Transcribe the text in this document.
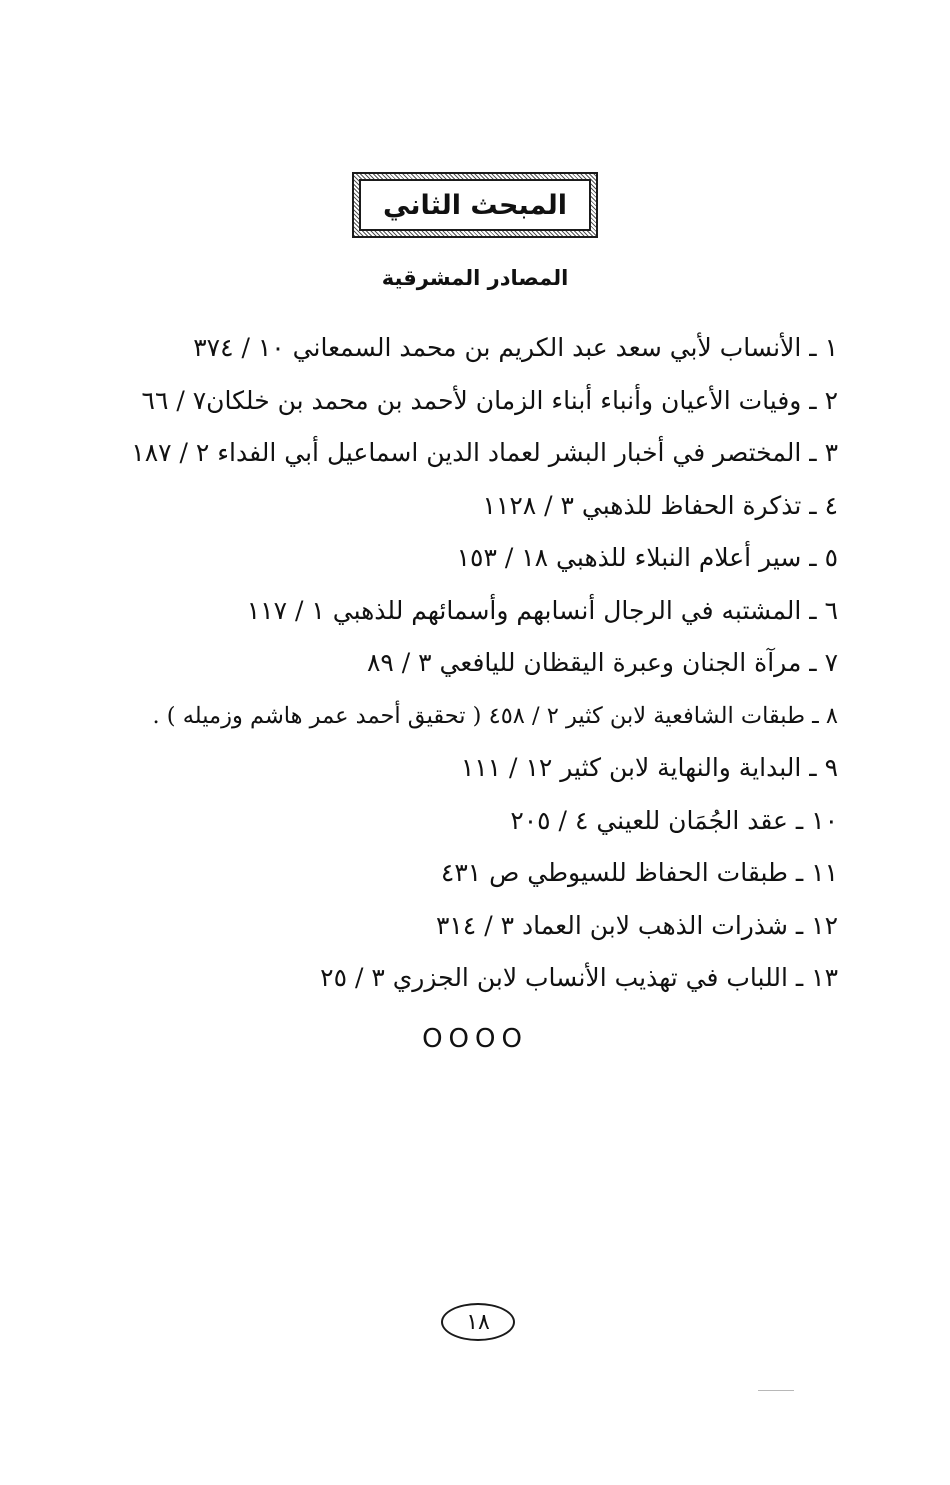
المبحث الثاني
المصادر المشرقية
١ ـ الأنساب لأبي سعد عبد الكريم بن محمد السمعاني ١٠ / ٣٧٤
٢ ـ وفيات الأعيان وأنباء أبناء الزمان لأحمد بن محمد بن خلكان٧ / ٦٦
٣ ـ المختصر في أخبار البشر لعماد الدين اسماعيل أبي الفداء ٢ / ١٨٧
٤ ـ تذكرة الحفاظ للذهبي ٣ / ١١٢٨
٥ ـ سير أعلام النبلاء للذهبي ١٨ / ١٥٣
٦ ـ المشتبه في الرجال أنسابهم وأسمائهم للذهبي ١ / ١١٧
٧ ـ مرآة الجنان وعبرة اليقظان لليافعي ٣ / ٨٩
٨ ـ طبقات الشافعية لابن كثير ٢ / ٤٥٨ ( تحقيق أحمد عمر هاشم وزميله ) .
٩ ـ البداية والنهاية لابن كثير ١٢ / ١١١
١٠ ـ عقد الجُمَان للعيني ٤ / ٢٠٥
١١ ـ طبقات الحفاظ للسيوطي ص ٤٣١
١٢ ـ شذرات الذهب لابن العماد ٣ / ٣١٤
١٣ ـ اللباب في تهذيب الأنساب لابن الجزري ٣ / ٢٥
OOOO
١٨
